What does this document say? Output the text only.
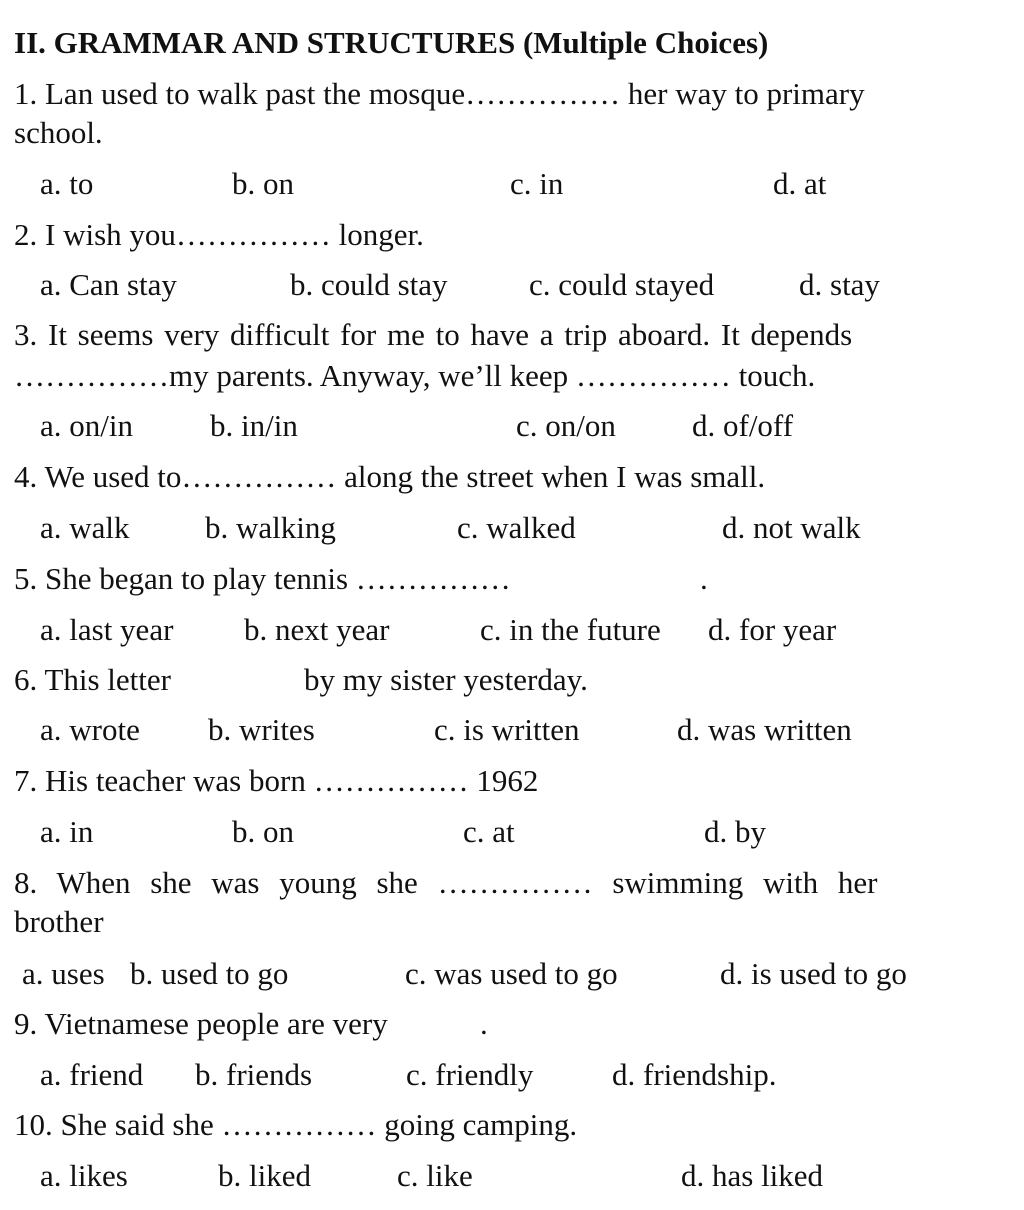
II. GRAMMAR AND STRUCTURES (Multiple Choices)
1. Lan used to walk past the mosque…………… her way to primary
school.
a. to	b. on	c. in	d. at
2. I wish you…………… longer.
a. Can stay	b. could stay	c. could stayed	d. stay
3. It seems very difficult for me to have a trip aboard. It depends
……………my parents. Anyway, we’ll keep …………… touch.
a. on/in b. in/in	c. on/on d. of/off
4. We used to…………… along the street when I was small.
a. walk b. walking	c. walked	d. not walk
5. She began to play tennis ……………	.
a. last year b. next year	c. in the future d. for year
6. This letter	by my sister yesterday.
a. wrote b. writes	c. is written	d. was written
7. His teacher was born …………… 1962
a. in	b. on	c. at	d. by
8. When she was young she …………… swimming with her
brother
a. uses b. used to go	c. was used to go	d. is used to go
9. Vietnamese people are very	.
a. friend b. friends	c. friendly	d. friendship.
10. She said she …………… going camping.
a. likes	b. liked	c. like	d. has liked
